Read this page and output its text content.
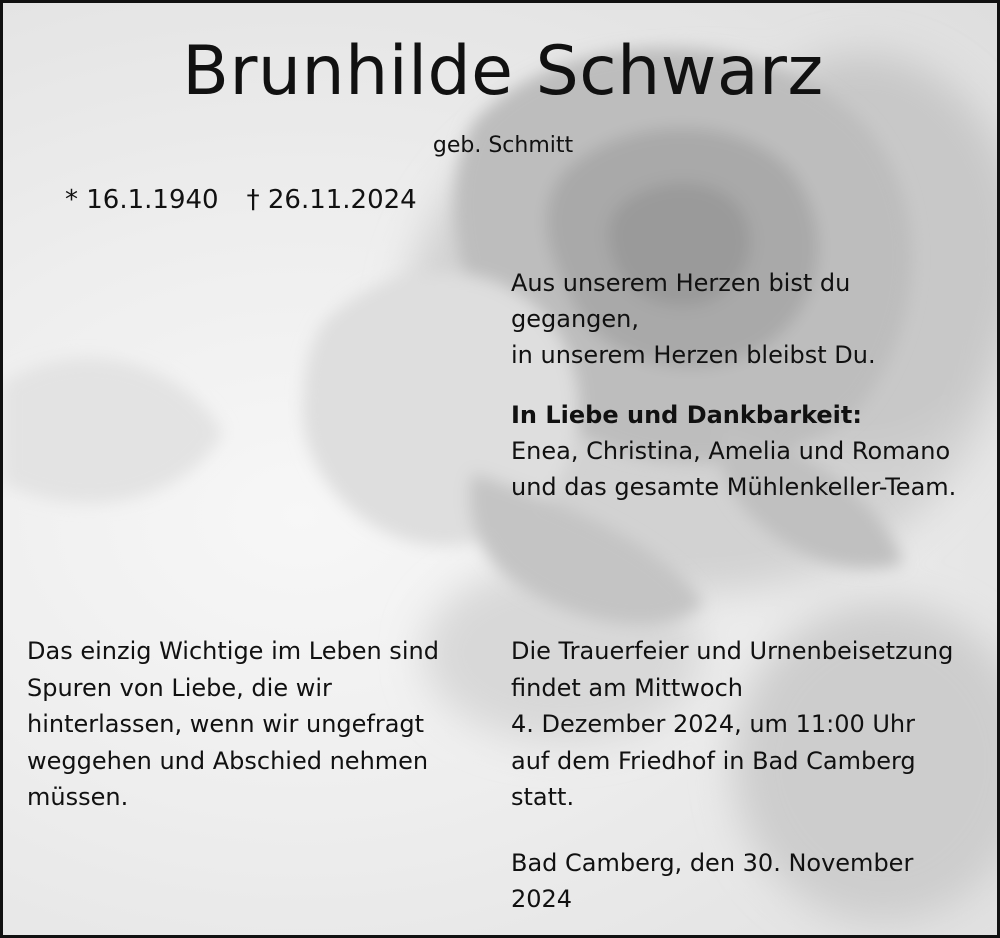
Brunhilde Schwarz
geb. Schmitt
* 16.1.1940 † 26.11.2024
Aus unserem Herzen bist du
gegangen,
in unserem Herzen bleibst Du.
In Liebe und Dankbarkeit:
Enea, Christina, Amelia und Romano
und das gesamte Mühlenkeller-Team.
Das einzig Wichtige im Leben sind
Spuren von Liebe, die wir
hinterlassen, wenn wir ungefragt
weggehen und Abschied nehmen
müssen.
Die Trauerfeier und Urnenbeisetzung
findet am Mittwoch
4. Dezember 2024, um 11:00 Uhr
auf dem Friedhof in Bad Camberg
statt.
Bad Camberg, den 30. November
2024
